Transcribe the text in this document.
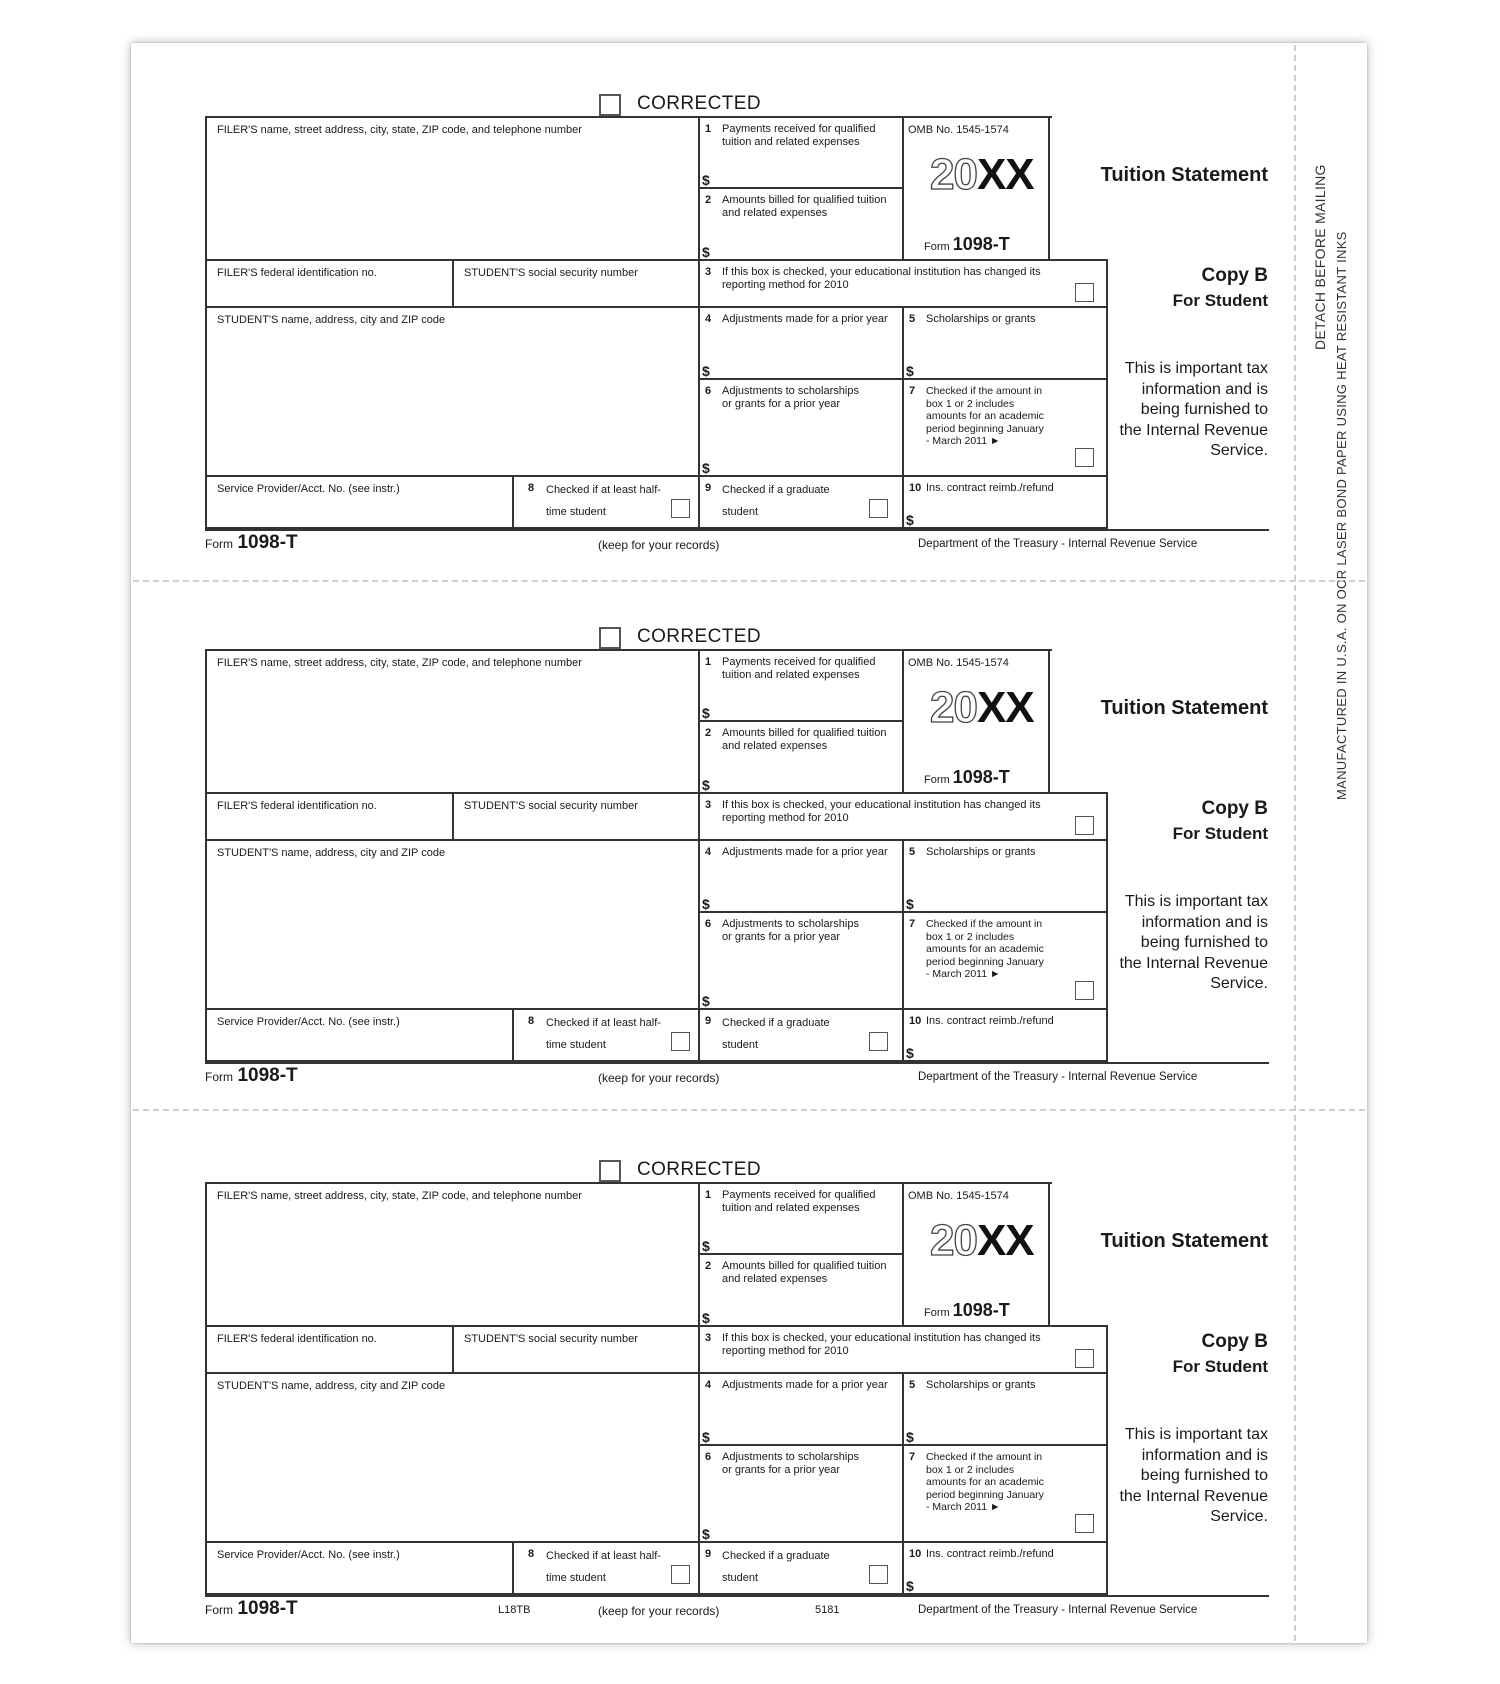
DETACH BEFORE MAILING MANUFACTURED IN U.S.A. ON OCR LASER BOND PAPER USING HEAT RESISTANT INKS
CORRECTED
FILER'S name, street address, city, state, ZIP code, and telephone number	1 Payments received for qualified tuition and related expenses
$
2 Amounts billed for qualified tuition and related expenses
$
OMB No. 1545-1574
20XX
Form 1098-T
Tuition Statement
FILER'S federal identification no.	STUDENT'S social security number	3 If this box is checked, your educational institution has changed its reporting method for 2010	Copy B
For Student
This is important tax information and is being furnished to the Internal Revenue Service.
STUDENT'S name, address, city and ZIP code	4 Adjustments made for a prior year
$
5 Scholarships or grants
$
6 Adjustments to scholarships or grants for a prior year
$
7 Checked if the amount in box 1 or 2 includes amounts for an academic period beginning January - March 2011 ►
Service Provider/Acct. No. (see instr.)	8 Checked if at least half-time student
9 Checked if a graduate student
10 Ins. contract reimb./refund
$
Form 1098-T	(keep for your records)	Department of the Treasury - Internal Revenue Service
CORRECTED
FILER'S name, street address, city, state, ZIP code, and telephone number	1 Payments received for qualified tuition and related expenses
$
2 Amounts billed for qualified tuition and related expenses
$
OMB No. 1545-1574
20XX
Form 1098-T
Tuition Statement
FILER'S federal identification no.	STUDENT'S social security number	3 If this box is checked, your educational institution has changed its reporting method for 2010	Copy B
For Student
This is important tax information and is being furnished to the Internal Revenue Service.
STUDENT'S name, address, city and ZIP code	4 Adjustments made for a prior year
$
5 Scholarships or grants
$
6 Adjustments to scholarships or grants for a prior year
$
7 Checked if the amount in box 1 or 2 includes amounts for an academic period beginning January - March 2011 ►
Service Provider/Acct. No. (see instr.)	8 Checked if at least half-time student
9 Checked if a graduate student
10 Ins. contract reimb./refund
$
Form 1098-T	(keep for your records)	Department of the Treasury - Internal Revenue Service
CORRECTED
FILER'S name, street address, city, state, ZIP code, and telephone number	1 Payments received for qualified tuition and related expenses
$
2 Amounts billed for qualified tuition and related expenses
$
OMB No. 1545-1574
20XX
Form 1098-T
Tuition Statement
FILER'S federal identification no.	STUDENT'S social security number	3 If this box is checked, your educational institution has changed its reporting method for 2010	Copy B
For Student
This is important tax information and is being furnished to the Internal Revenue Service.
STUDENT'S name, address, city and ZIP code	4 Adjustments made for a prior year
$
5 Scholarships or grants
$
6 Adjustments to scholarships or grants for a prior year
$
7 Checked if the amount in box 1 or 2 includes amounts for an academic period beginning January - March 2011 ►
Service Provider/Acct. No. (see instr.)	8 Checked if at least half-time student
9 Checked if a graduate student
10 Ins. contract reimb./refund
$
Form 1098-T	(keep for your records)	Department of the Treasury - Internal Revenue Service
L18TB	5181
